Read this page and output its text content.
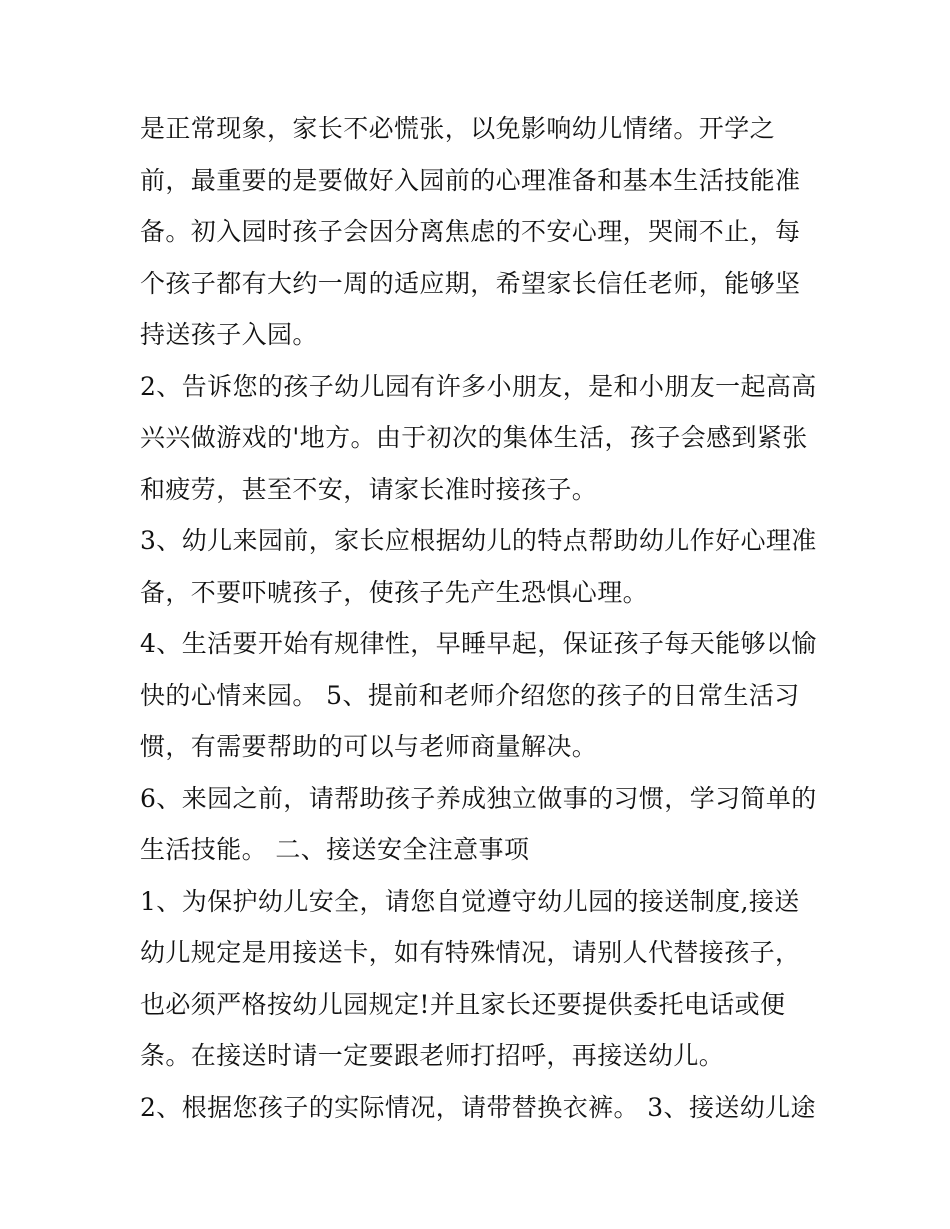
是正常现象，家长不必慌张，以免影响幼儿情绪。开学之前，最重要的是要做好入园前的心理准备和基本生活技能准备。初入园时孩子会因分离焦虑的不安心理，哭闹不止，每个孩子都有大约一周的适应期，希望家长信任老师，能够坚持送孩子入园。

2、告诉您的孩子幼儿园有许多小朋友，是和小朋友一起高高兴兴做游戏的'地方。由于初次的集体生活，孩子会感到紧张和疲劳，甚至不安，请家长准时接孩子。

3、幼儿来园前，家长应根据幼儿的特点帮助幼儿作好心理准备，不要吓唬孩子，使孩子先产生恐惧心理。

4、生活要开始有规律性，早睡早起，保证孩子每天能够以愉快的心情来园。 5、提前和老师介绍您的孩子的日常生活习惯，有需要帮助的可以与老师商量解决。

6、来园之前，请帮助孩子养成独立做事的习惯，学习简单的生活技能。 二、接送安全注意事项

1、为保护幼儿安全，请您自觉遵守幼儿园的接送制度,接送幼儿规定是用接送卡，如有特殊情况，请别人代替接孩子，也必须严格按幼儿园规定!并且家长还要提供委托电话或便条。在接送时请一定要跟老师打招呼，再接送幼儿。

2、根据您孩子的实际情况，请带替换衣裤。 3、接送幼儿途
